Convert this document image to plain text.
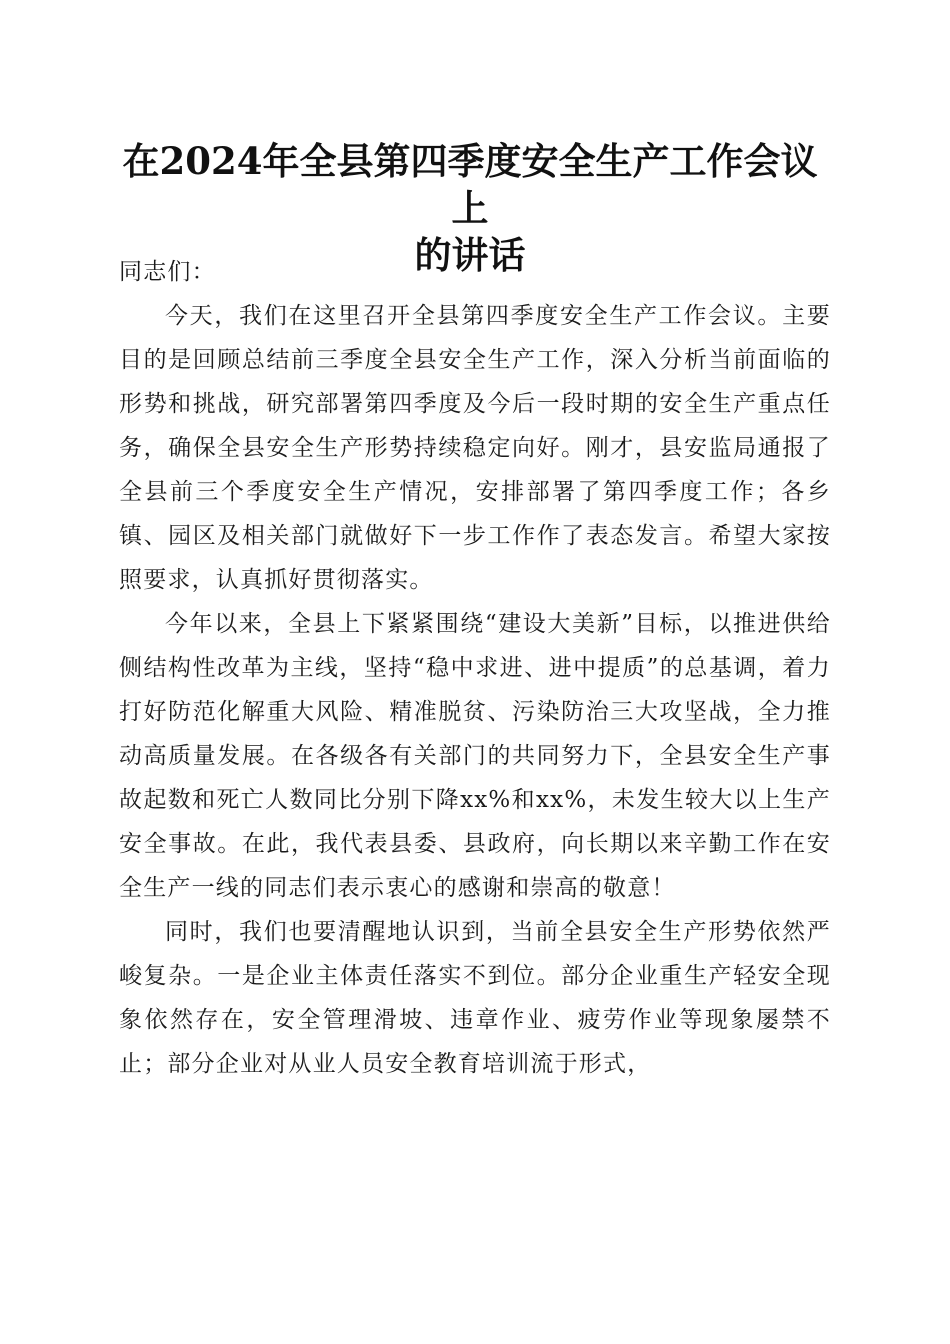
在2024年全县第四季度安全生产工作会议上
的讲话

同志们：

今天，我们在这里召开全县第四季度安全生产工作会议。主要目的是回顾总结前三季度全县安全生产工作，深入分析当前面临的形势和挑战，研究部署第四季度及今后一段时期的安全生产重点任务，确保全县安全生产形势持续稳定向好。刚才，县安监局通报了全县前三个季度安全生产情况，安排部署了第四季度工作；各乡镇、园区及相关部门就做好下一步工作作了表态发言。希望大家按照要求，认真抓好贯彻落实。

今年以来，全县上下紧紧围绕“建设大美新”目标，以推进供给侧结构性改革为主线，坚持“稳中求进、进中提质”的总基调，着力打好防范化解重大风险、精准脱贫、污染防治三大攻坚战，全力推动高质量发展。在各级各有关部门的共同努力下，全县安全生产事故起数和死亡人数同比分别下降xx%和xx%，未发生较大以上生产安全事故。在此，我代表县委、县政府，向长期以来辛勤工作在安全生产一线的同志们表示衷心的感谢和崇高的敬意！

同时，我们也要清醒地认识到，当前全县安全生产形势依然严峻复杂。一是企业主体责任落实不到位。部分企业重生产轻安全现象依然存在，安全管理滑坡、违章作业、疲劳作业等现象屡禁不止；部分企业对从业人员安全教育培训流于形式，
